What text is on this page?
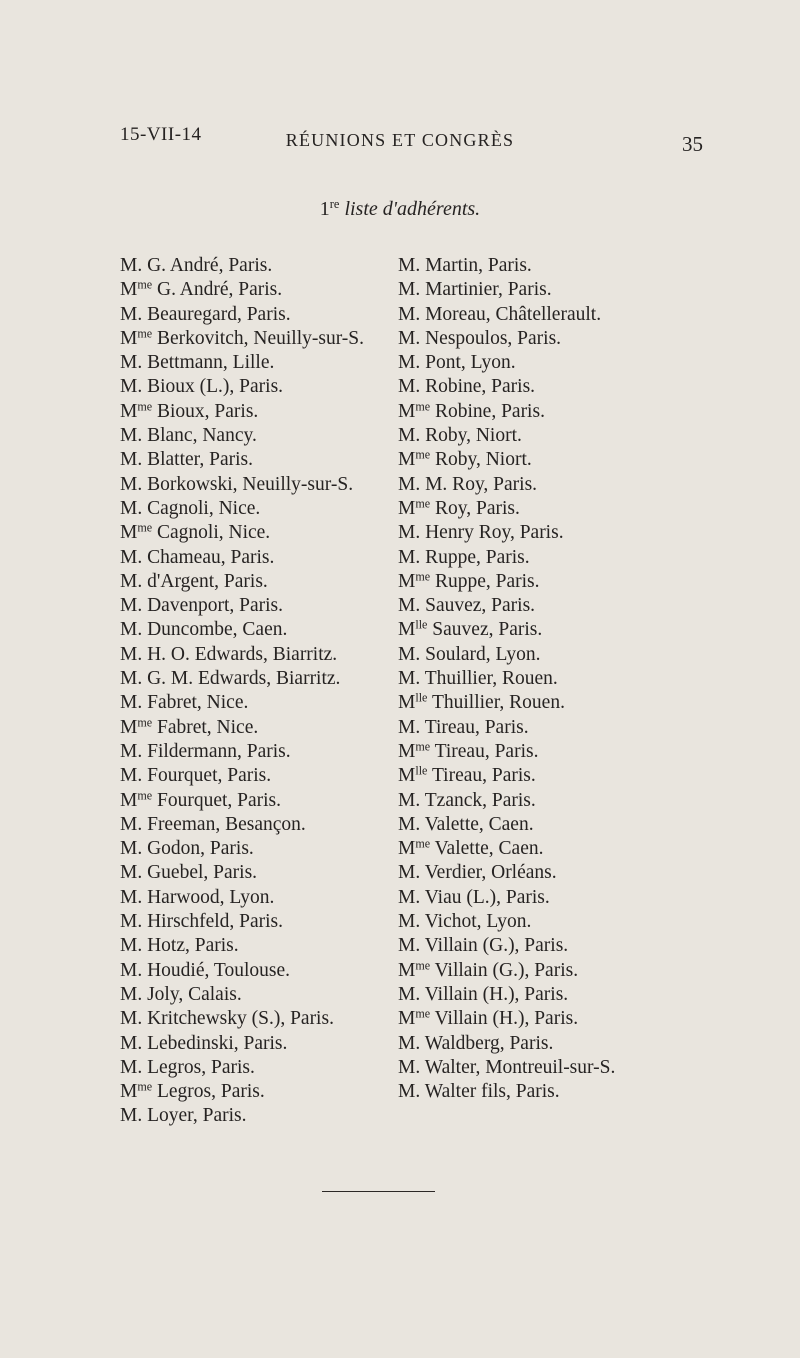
15-VII-14	RÉUNIONS ET CONGRÈS	35
1re liste d'adhérents.
M. G. André, Paris.
$M^{me}$ G. André, Paris.
M. Beauregard, Paris.
$M^{me}$ Berkovitch, Neuilly-sur-S.
M. Bettmann, Lille.
M. Bioux (L.), Paris.
$M^{me}$ Bioux, Paris.
M. Blanc, Nancy.
M. Blatter, Paris.
M. Borkowski, Neuilly-sur-S.
M. Cagnoli, Nice.
$M^{me}$ Cagnoli, Nice.
M. Chameau, Paris.
M. d'Argent, Paris.
M. Davenport, Paris.
M. Duncombe, Caen.
M. H. O. Edwards, Biarritz.
M. G. M. Edwards, Biarritz.
M. Fabret, Nice.
$M^{me}$ Fabret, Nice.
M. Fildermann, Paris.
M. Fourquet, Paris.
$M^{me}$ Fourquet, Paris.
M. Freeman, Besançon.
M. Godon, Paris.
M. Guebel, Paris.
M. Harwood, Lyon.
M. Hirschfeld, Paris.
M. Hotz, Paris.
M. Houdié, Toulouse.
M. Joly, Calais.
M. Kritchewsky (S.), Paris.
M. Lebedinski, Paris.
M. Legros, Paris.
$M^{me}$ Legros, Paris.
M. Loyer, Paris.
M. Martin, Paris.
M. Martinier, Paris.
M. Moreau, Châtellerault.
M. Nespoulos, Paris.
M. Pont, Lyon.
M. Robine, Paris.
$M^{me}$ Robine, Paris.
M. Roby, Niort.
$M^{me}$ Roby, Niort.
M. M. Roy, Paris.
$M^{me}$ Roy, Paris.
M. Henry Roy, Paris.
M. Ruppe, Paris.
$M^{me}$ Ruppe, Paris.
M. Sauvez, Paris.
$M^{lle}$ Sauvez, Paris.
M. Soulard, Lyon.
M. Thuillier, Rouen.
$M^{lle}$ Thuillier, Rouen.
M. Tireau, Paris.
$M^{me}$ Tireau, Paris.
$M^{lle}$ Tireau, Paris.
M. Tzanck, Paris.
M. Valette, Caen.
$M^{me}$ Valette, Caen.
M. Verdier, Orléans.
M. Viau (L.), Paris.
M. Vichot, Lyon.
M. Villain (G.), Paris.
$M^{me}$ Villain (G.), Paris.
M. Villain (H.), Paris.
$M^{me}$ Villain (H.), Paris.
M. Waldberg, Paris.
M. Walter, Montreuil-sur-S.
M. Walter fils, Paris.
